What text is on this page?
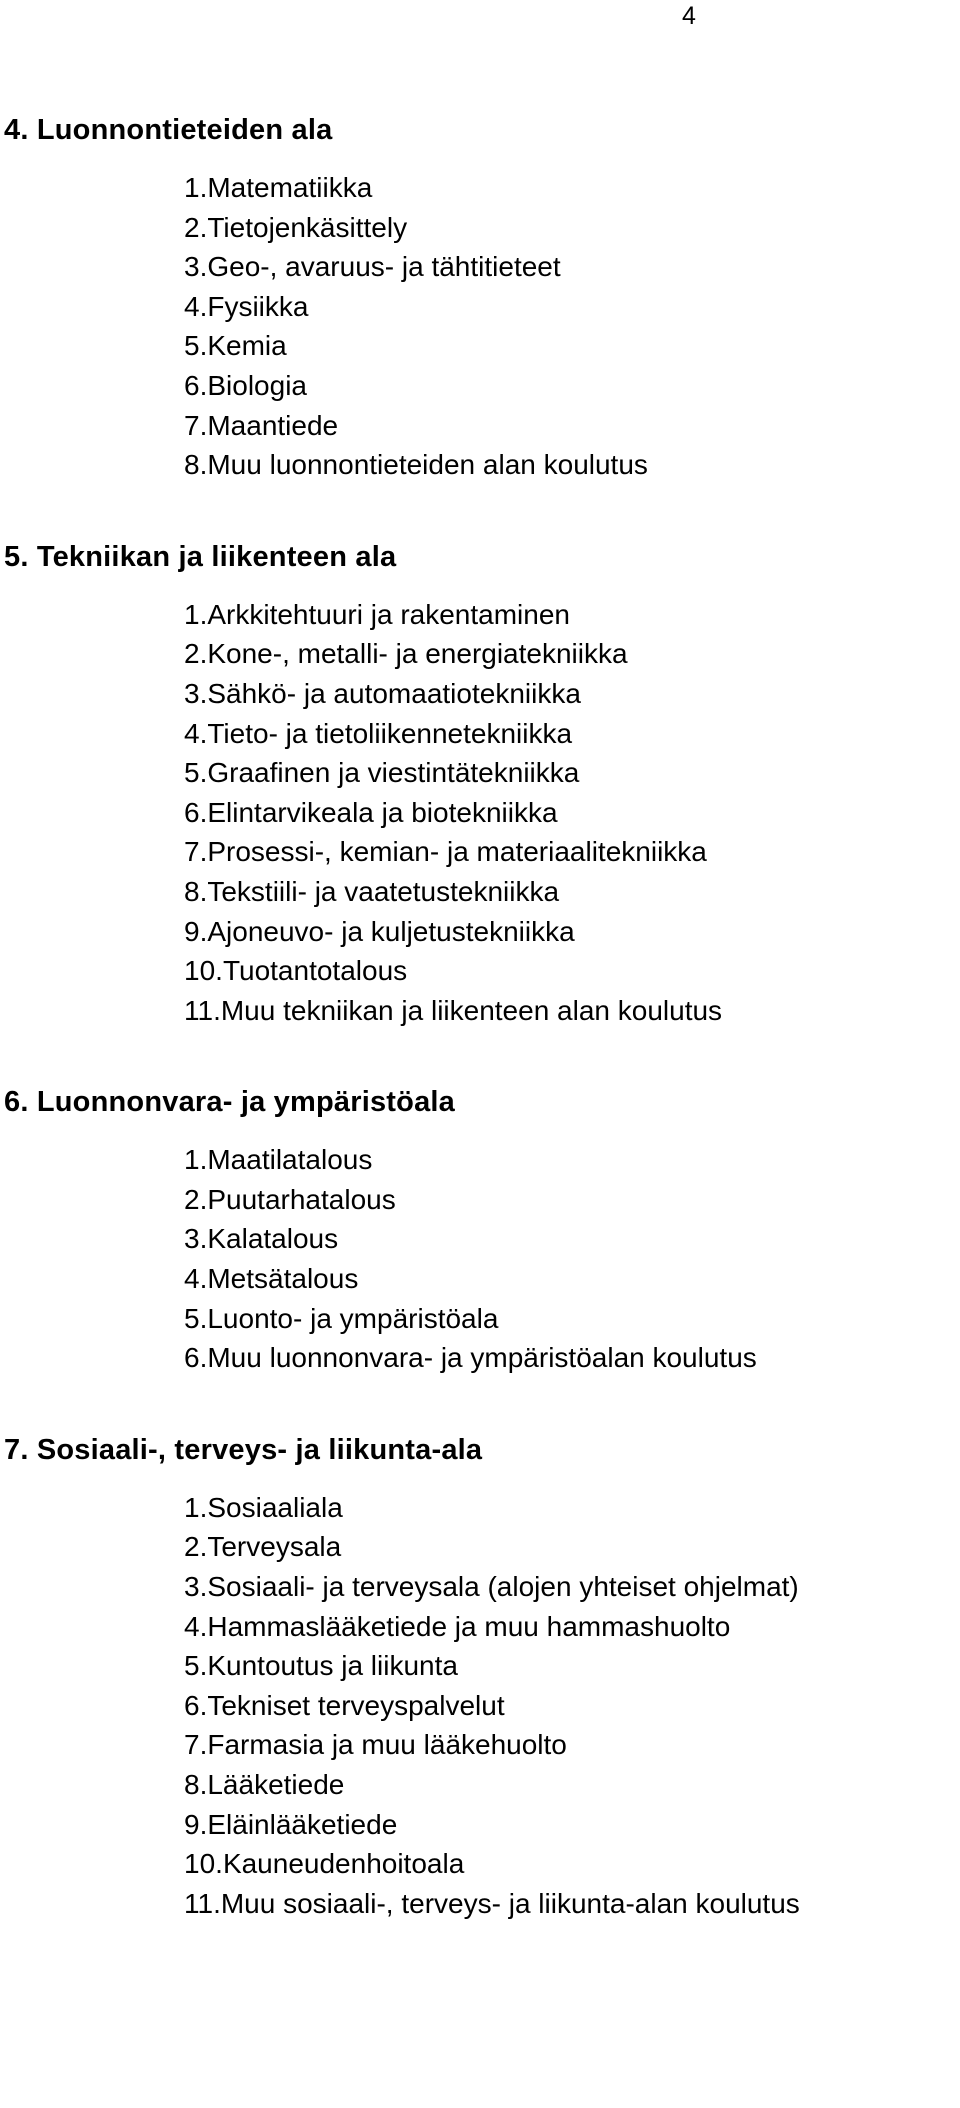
4
4. Luonnontieteiden ala
1.Matematiikka
2.Tietojenkäsittely
3.Geo-, avaruus- ja tähtitieteet
4.Fysiikka
5.Kemia
6.Biologia
7.Maantiede
8.Muu luonnontieteiden alan koulutus
5. Tekniikan ja liikenteen ala
1.Arkkitehtuuri ja rakentaminen
2.Kone-, metalli- ja energiatekniikka
3.Sähkö- ja automaatiotekniikka
4.Tieto- ja tietoliikennetekniikka
5.Graafinen ja viestintätekniikka
6.Elintarvikeala ja biotekniikka
7.Prosessi-, kemian- ja materiaalitekniikka
8.Tekstiili- ja vaatetustekniikka
9.Ajoneuvo- ja kuljetustekniikka
10.Tuotantotalous
11.Muu tekniikan ja liikenteen alan koulutus
6. Luonnonvara- ja ympäristöala
1.Maatilatalous
2.Puutarhatalous
3.Kalatalous
4.Metsätalous
5.Luonto- ja ympäristöala
6.Muu luonnonvara- ja ympäristöalan koulutus
7. Sosiaali-, terveys- ja liikunta-ala
1.Sosiaaliala
2.Terveysala
3.Sosiaali- ja terveysala (alojen yhteiset ohjelmat)
4.Hammaslääketiede ja muu hammashuolto
5.Kuntoutus ja liikunta
6.Tekniset terveyspalvelut
7.Farmasia ja muu lääkehuolto
8.Lääketiede
9.Eläinlääketiede
10.Kauneudenhoitoala
11.Muu sosiaali-, terveys- ja liikunta-alan koulutus
